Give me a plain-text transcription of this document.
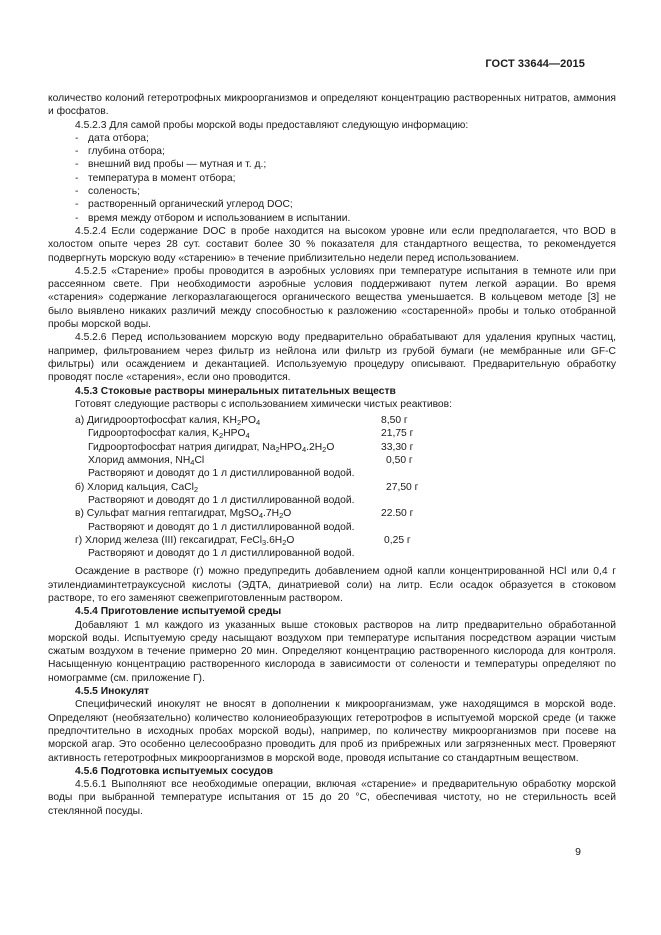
ГОСТ 33644—2015

количество колоний гетеротрофных микроорганизмов и определяют концентрацию растворенных нитратов, аммония и фосфатов.

4.5.2.3 Для самой пробы морской воды предоставляют следующую информацию:

- дата отбора;
- глубина отбора;
- внешний вид пробы — мутная и т. д.;
- температура в момент отбора;
- соленость;
- растворенный органический углерод DOC;
- время между отбором и использованием в испытании.

4.5.2.4 Если содержание DOC в пробе находится на высоком уровне или если предполагается, что BOD в холостом опыте через 28 сут. составит более 30 % показателя для стандартного вещества, то рекомендуется подвергнуть морскую воду «старению» в течение приблизительно недели перед использованием.

4.5.2.5 «Старение» пробы проводится в аэробных условиях при температуре испытания в темноте или при рассеянном свете. При необходимости аэробные условия поддерживают путем легкой аэрации. Во время «старения» содержание легкоразлагающегося органического вещества уменьшается. В кольцевом методе [3] не было выявлено никаких различий между способностью к разложению «состаренной» пробы и только отобранной пробы морской воды.

4.5.2.6 Перед использованием морскую воду предварительно обрабатывают для удаления крупных частиц, например, фильтрованием через фильтр из нейлона или фильтр из грубой бумаги (не мембранные или GF-C фильтры) или осаждением и декантацией. Используемую процедуру описывают. Предварительную обработку проводят после «старения», если оно проводится.

4.5.3 Стоковые растворы минеральных питательных веществ

Готовят следующие растворы с использованием химически чистых реактивов:

а) Дигидроортофосфат калия, $KH_2PO_4$	8,50 г
Гидроортофосфат калия, $K_2HPO_4$	21,75 г
Гидроортофосфат натрия дигидрат, $Na_2HPO_4.2H_2O$	33,30 г
Хлорид аммония, $NH_4Cl$	0,50 г
Растворяют и доводят до 1 л дистиллированной водой.
б) Хлорид кальция, CaCl$_2$	27,50 г
Растворяют и доводят до 1 л дистиллированной водой.
в) Сульфат магния гептагидрат, $MgSO_4.7H_2O$	22.50 г
Растворяют и доводят до 1 л дистиллированной водой.
г) Хлорид железа (III) гексагидрат, $FeCl_3.6H_2O$	0,25 г
Растворяют и доводят до 1 л дистиллированной водой.

Осаждение в растворе (г) можно предупредить добавлением одной капли концентрированной HCl или 0,4 г этилендиаминтетрауксусной кислоты (ЭДТА, динатриевой соли) на литр. Если осадок образуется в стоковом растворе, то его заменяют свежеприготовленным раствором.

4.5.4 Приготовление испытуемой среды

Добавляют 1 мл каждого из указанных выше стоковых растворов на литр предварительно обработанной морской воды. Испытуемую среду насыщают воздухом при температуре испытания посредством аэрации чистым сжатым воздухом в течение примерно 20 мин. Определяют концентрацию растворенного кислорода для контроля. Насыщенную концентрацию растворенного кислорода в зависимости от солености и температуры определяют по номограмме (см. приложение Г).

4.5.5 Инокулят

Специфический инокулят не вносят в дополнении к микроорганизмам, уже находящимся в морской воде. Определяют (необязательно) количество колониеобразующих гетеротрофов в испытуемой морской среде (и также предпочтительно в исходных пробах морской воды), например, по количеству микроорганизмов при посеве на морской агар. Это особенно целесообразно проводить для проб из прибрежных или загрязненных мест. Проверяют активность гетеротрофных микроорганизмов в морской воде, проводя испытание со стандартным веществом.

4.5.6 Подготовка испытуемых сосудов

4.5.6.1 Выполняют все необходимые операции, включая «старение» и предварительную обработку морской воды при выбранной температуре испытания от 15 до 20 °С, обеспечивая чистоту, но не стерильность всей стеклянной посуды.

9
